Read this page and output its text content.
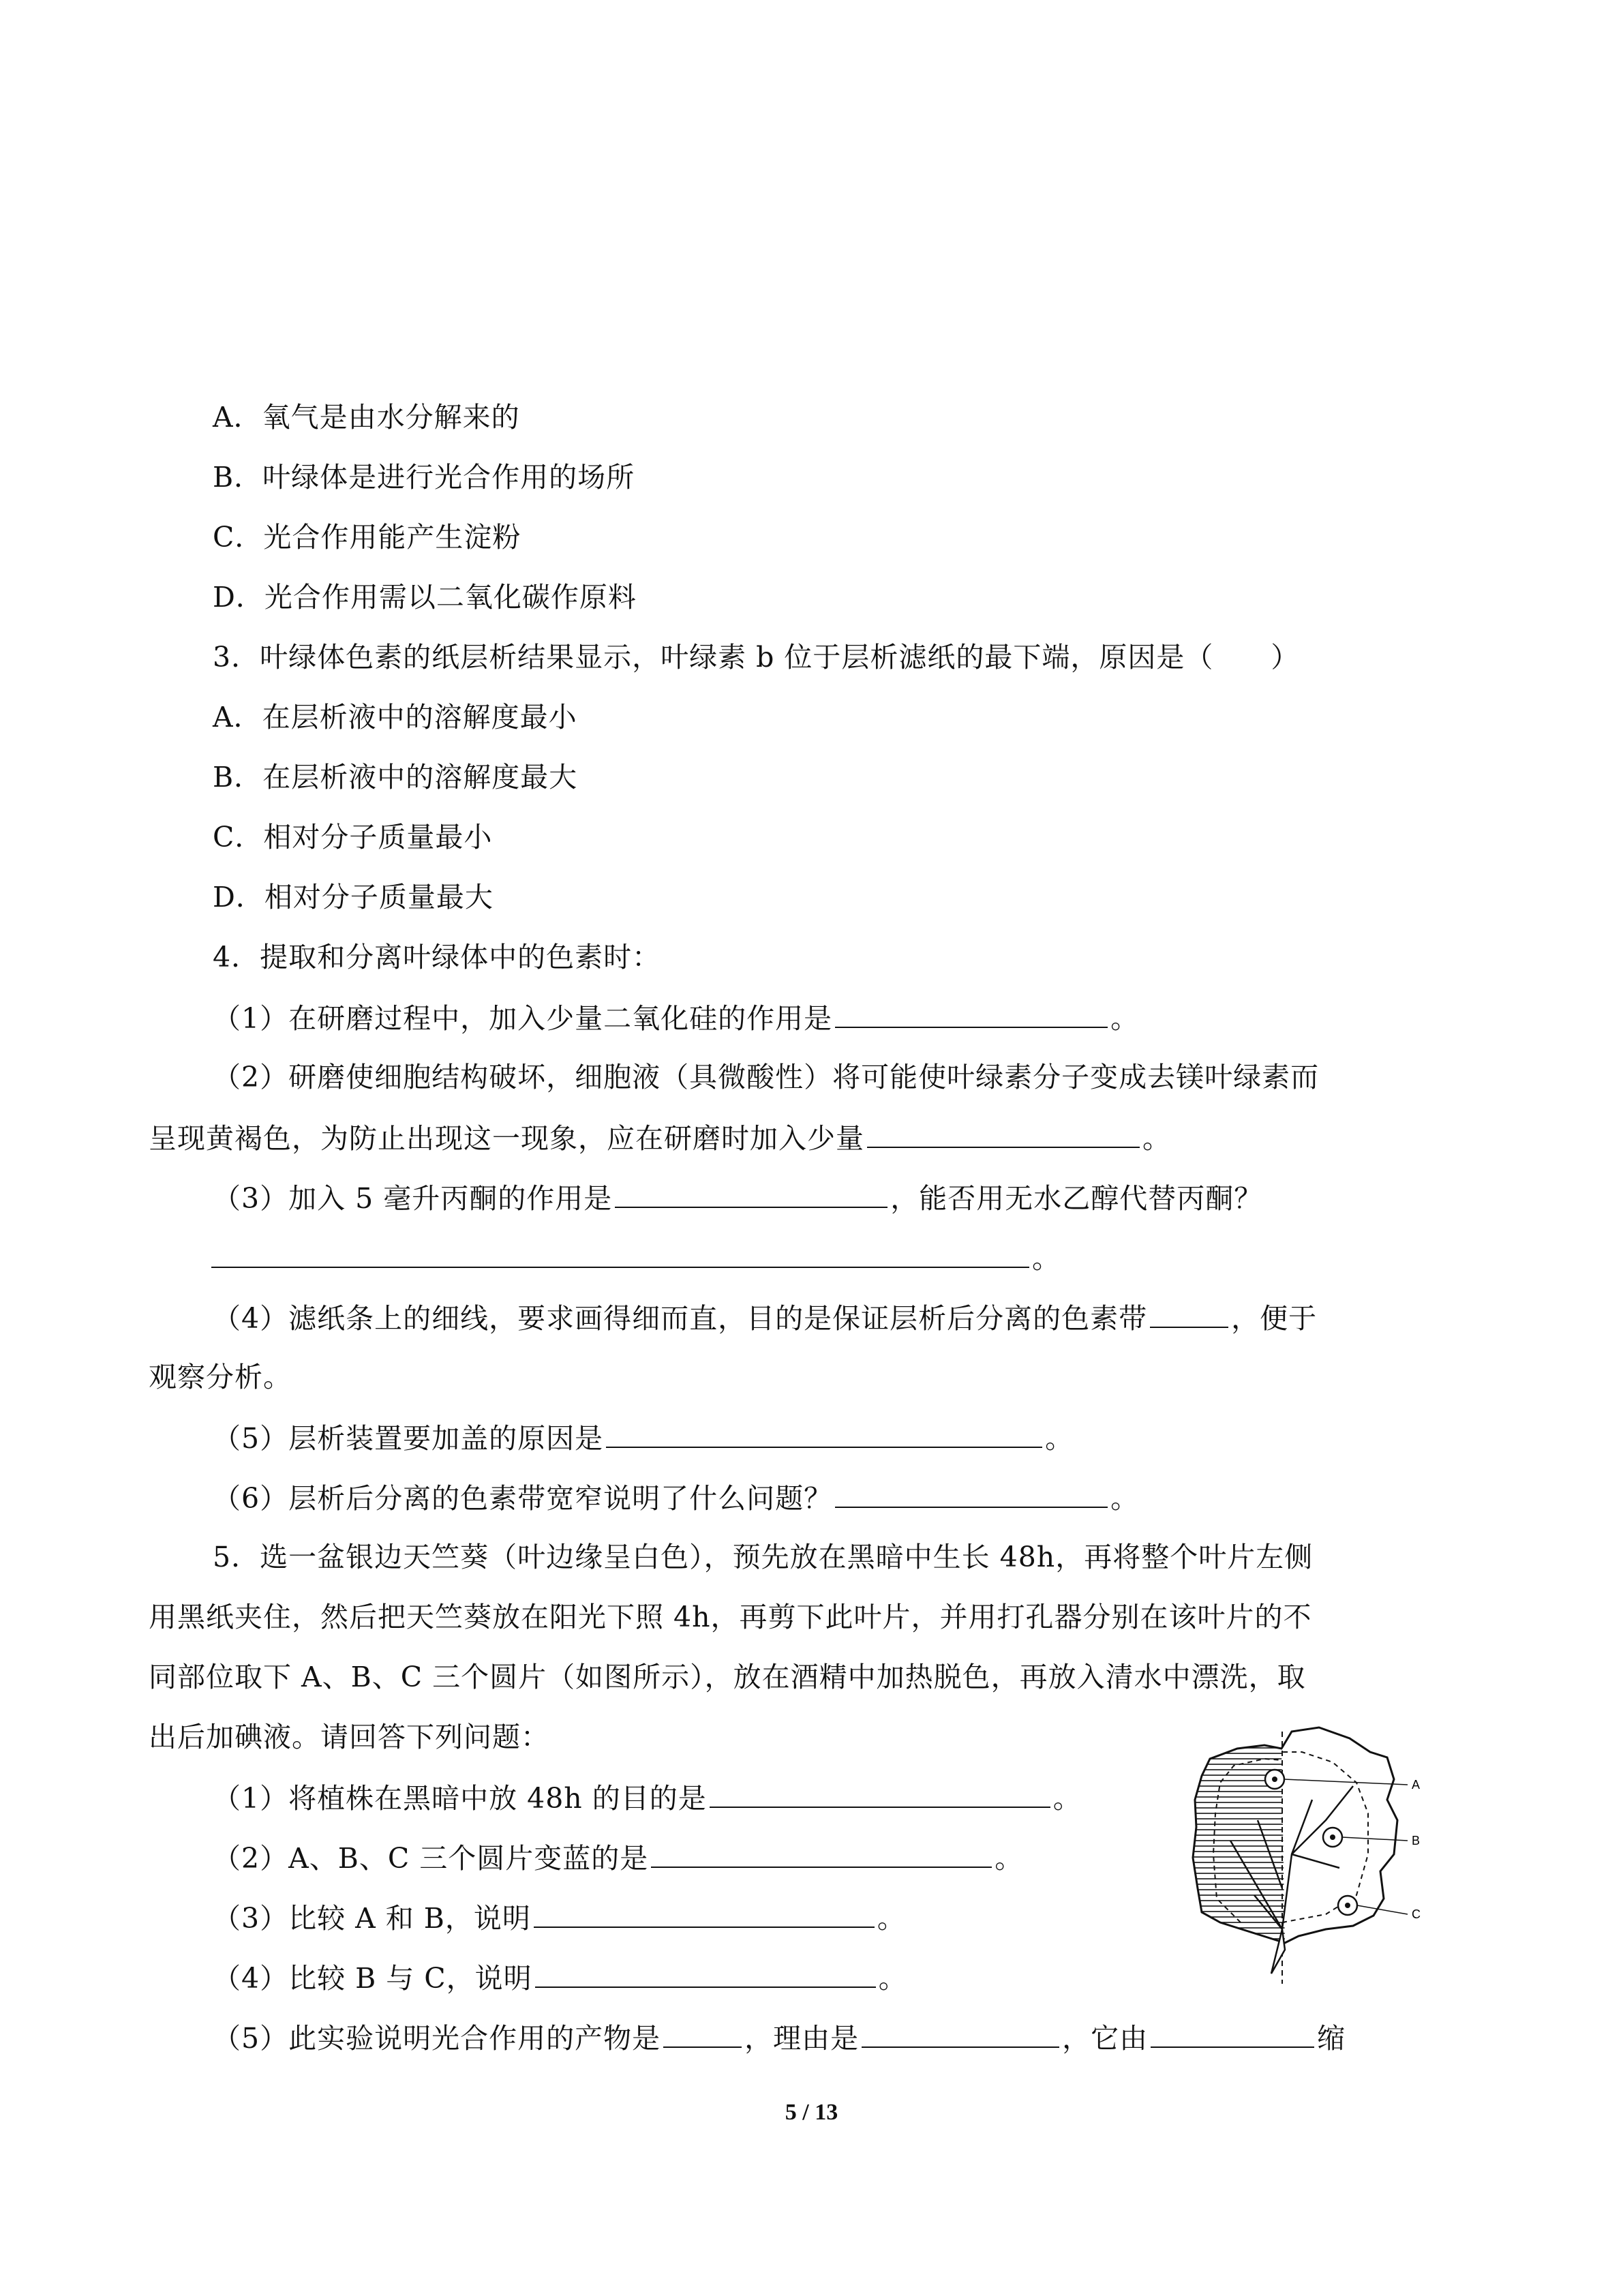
A．氧气是由水分解来的
B．叶绿体是进行光合作用的场所
C．光合作用能产生淀粉
D．光合作用需以二氧化碳作原料
3．叶绿体色素的纸层析结果显示，叶绿素 b 位于层析滤纸的最下端，原因是（　　）
A．在层析液中的溶解度最小
B．在层析液中的溶解度最大
C．相对分子质量最小
D．相对分子质量最大
4．提取和分离叶绿体中的色素时：
（1）在研磨过程中，加入少量二氧化硅的作用是	。
（2）研磨使细胞结构破坏，细胞液（具微酸性）将可能使叶绿素分子变成去镁叶绿素而
呈现黄褐色，为防止出现这一现象，应在研磨时加入少量	。
（3）加入 5 毫升丙酮的作用是	，能否用无水乙醇代替丙酮？
。
（4）滤纸条上的细线，要求画得细而直，目的是保证层析后分离的色素带	，便于
观察分析。
（5）层析装置要加盖的原因是	。
（6）层析后分离的色素带宽窄说明了什么问题？	。
5．选一盆银边天竺葵（叶边缘呈白色），预先放在黑暗中生长 48h，再将整个叶片左侧
用黑纸夹住，然后把天竺葵放在阳光下照 4h，再剪下此叶片，并用打孔器分别在该叶片的不
同部位取下 A、B、C 三个圆片（如图所示），放在酒精中加热脱色，再放入清水中漂洗，取
出后加碘液。请回答下列问题：
（1）将植株在黑暗中放 48h 的目的是	。
（2）A、B、C 三个圆片变蓝的是	。
（3）比较 A 和 B，说明	。
（4）比较 B 与 C，说明	。
（5）此实验说明光合作用的产物是	，理由是	，它由	缩
A
B
C
5 / 13
